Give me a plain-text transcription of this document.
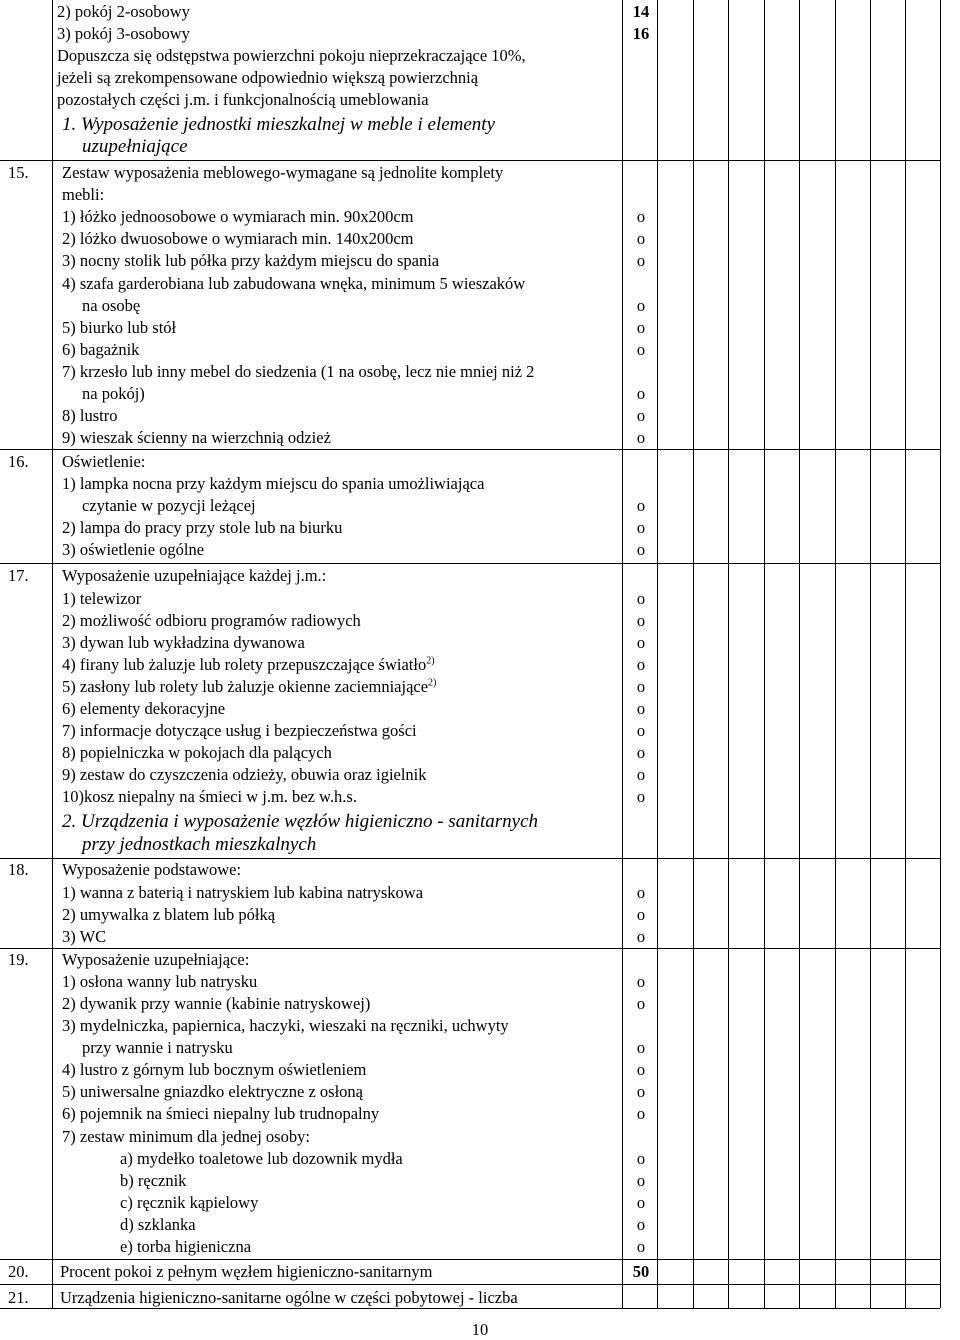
2) pokój 2-osobowy	14
3) pokój 3-osobowy	16
Dopuszcza się odstępstwa powierzchni pokoju nieprzekraczające 10%,
jeżeli są zrekompensowane odpowiednio większą powierzchnią
pozostałych części j.m. i funkcjonalnością umeblowania
1. Wyposażenie jednostki mieszkalnej w meble i elementy
uzupełniające
15. Zestaw wyposażenia meblowego-wymagane są jednolite komplety
mebli:
1) łóżko jednoosobowe o wymiarach min. 90x200cm	o
2) lóżko dwuosobowe o wymiarach min. 140x200cm	o
3) nocny stolik lub półka przy każdym miejscu do spania	o
4) szafa garderobiana lub zabudowana wnęka, minimum 5 wieszaków
na osobę	o
5) biurko lub stół	o
6) bagażnik	o
7) krzesło lub inny mebel do siedzenia (1 na osobę, lecz nie mniej niż 2
na pokój)	o
8) lustro	o
9) wieszak ścienny na wierzchnią odzież	o
16. Oświetlenie:
1) lampka nocna przy każdym miejscu do spania umożliwiająca
czytanie w pozycji leżącej	o
2) lampa do pracy przy stole lub na biurku	o
3) oświetlenie ogólne	o
17. Wyposażenie uzupełniające każdej j.m.:
1) telewizor	o
2) możliwość odbioru programów radiowych	o
3) dywan lub wykładzina dywanowa	o
4) firany lub żaluzje lub rolety przepuszczające światło$^{2)}$	o
5) zasłony lub rolety lub żaluzje okienne zaciemniające$^{2)}$	o
6) elementy dekoracyjne	o
7) informacje dotyczące usług i bezpieczeństwa gości	o
8) popielniczka w pokojach dla palących	o
9) zestaw do czyszczenia odzieży, obuwia oraz igielnik	o
10)kosz niepalny na śmieci w j.m. bez w.h.s.	o
2. Urządzenia i wyposażenie węzłów higieniczno - sanitarnych
przy jednostkach mieszkalnych
18. Wyposażenie podstawowe:
1) wanna z baterią i natryskiem lub kabina natryskowa	o
2) umywalka z blatem lub półką	o
3) WC	o
19. Wyposażenie uzupełniające:
1) osłona wanny lub natrysku	o
2) dywanik przy wannie (kabinie natryskowej)	o
3) mydelniczka, papiernica, haczyki, wieszaki na ręczniki, uchwyty
przy wannie i natrysku	o
4) lustro z górnym lub bocznym oświetleniem	o
5) uniwersalne gniazdko elektryczne z osłoną	o
6) pojemnik na śmieci niepalny lub trudnopalny	o
7) zestaw minimum dla jednej osoby:
a) mydełko toaletowe lub dozownik mydła	o
b) ręcznik	o
c) ręcznik kąpielowy	o
d) szklanka	o
e) torba higieniczna	o
20. Procent pokoi z pełnym węzłem higieniczno-sanitarnym	50
21. Urządzenia higieniczno-sanitarne ogólne w części pobytowej - liczba
10
